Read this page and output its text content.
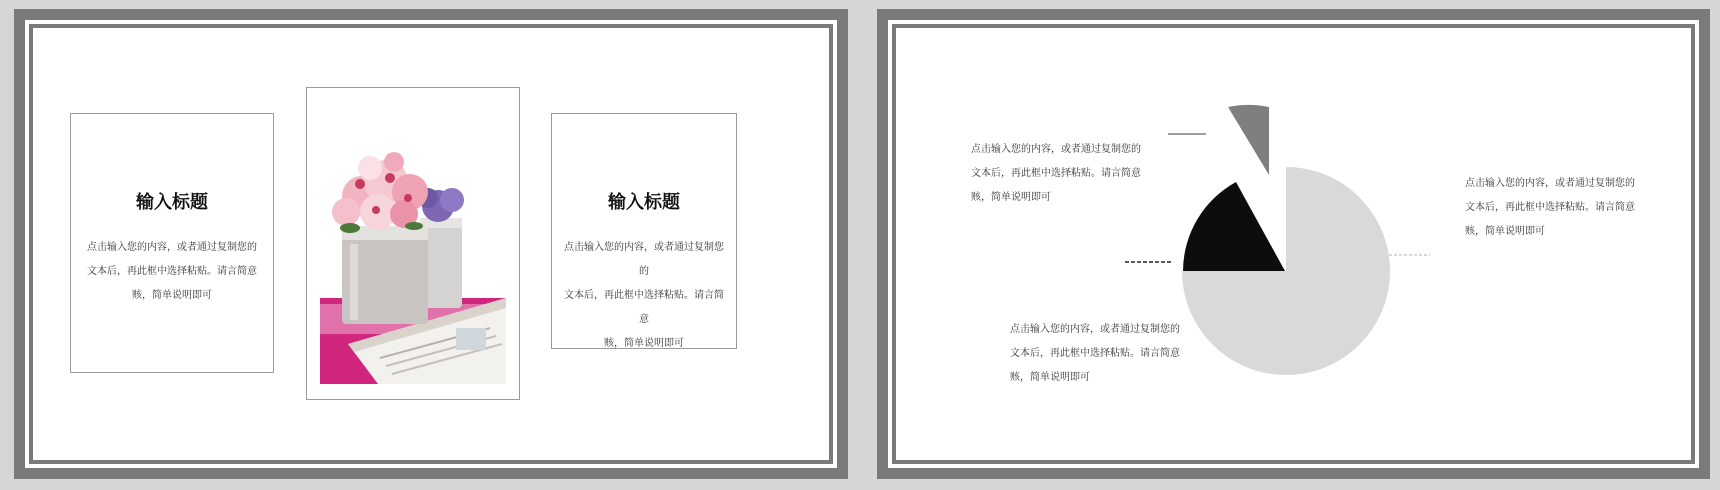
输入标题
点击输入您的内容，或者通过复制您的
文本后，再此框中选择粘贴。请言简意
赅，简单说明即可
输入标题
点击输入您的内容，或者通过复制您的
文本后，再此框中选择粘贴。请言简意
赅，简单说明即可
点击输入您的内容，或者通过复制您的
文本后，再此框中选择粘贴。请言简意
赅，简单说明即可
点击输入您的内容，或者通过复制您的
文本后，再此框中选择粘贴。请言简意
赅，简单说明即可
点击输入您的内容，或者通过复制您的
文本后，再此框中选择粘贴。请言简意
赅，简单说明即可
